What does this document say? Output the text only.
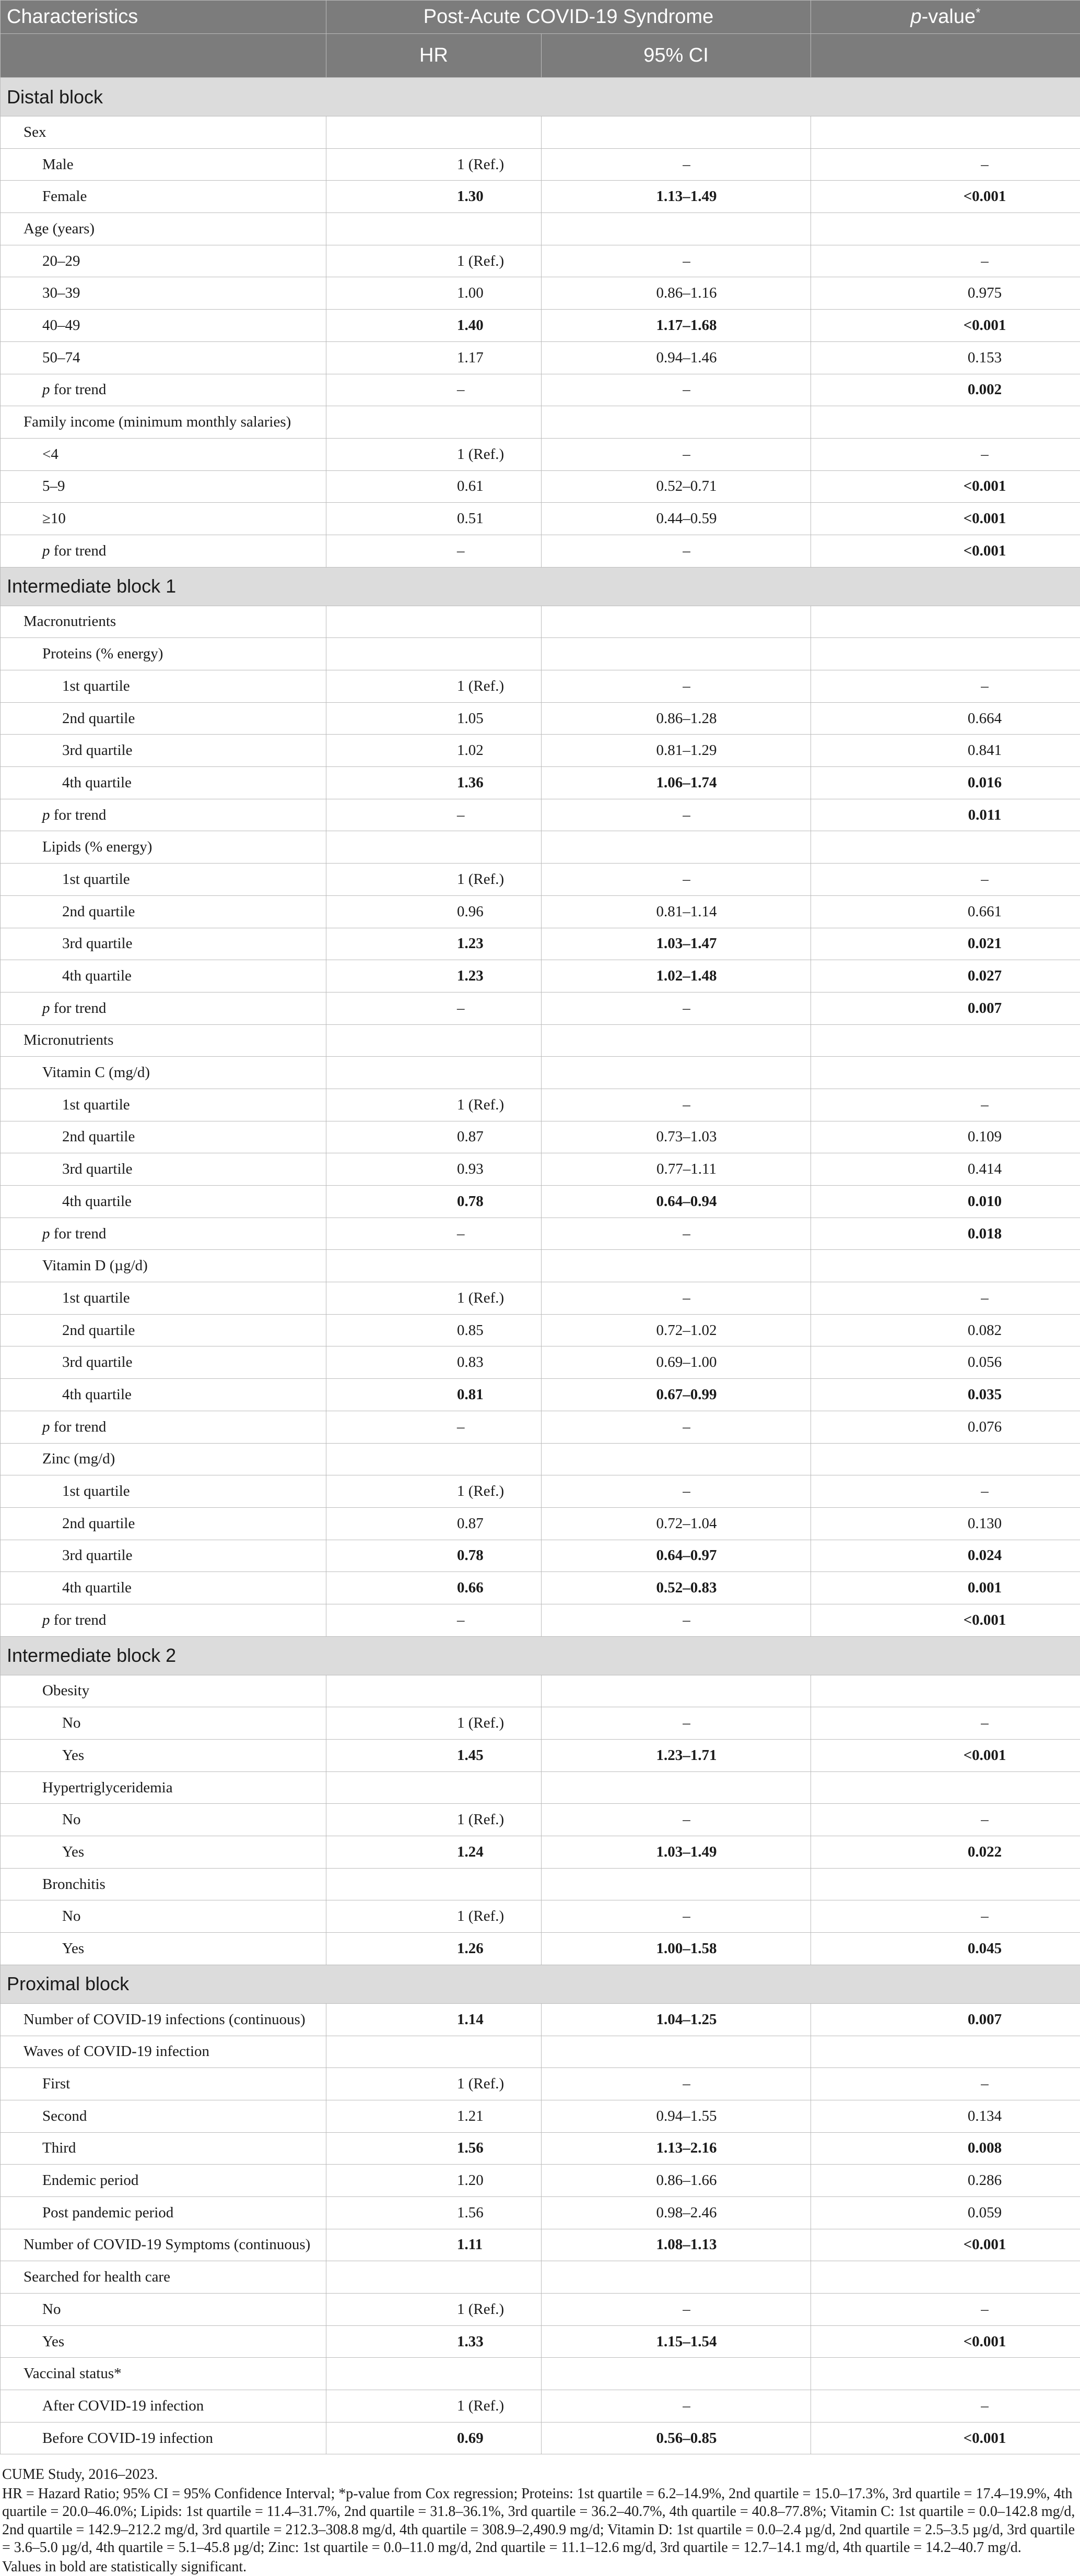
Characteristics	Post-Acute COVID-19 Syndrome		p-value*
	HR	95% CI	
Distal block			
Sex			
Male	1 (Ref.)	–	–
Female	1.30	1.13–1.49	<0.001
Age (years)			
20–29	1 (Ref.)	–	–
30–39	1.00	0.86–1.16	0.975
40–49	1.40	1.17–1.68	<0.001
50–74	1.17	0.94–1.46	0.153
p for trend	–	–	0.002
Family income (minimum monthly salaries)			
<4	1 (Ref.)	–	–
5–9	0.61	0.52–0.71	<0.001
≥10	0.51	0.44–0.59	<0.001
p for trend	–	–	<0.001
Intermediate block 1			
Macronutrients			
Proteins (% energy)			
1st quartile	1 (Ref.)	–	–
2nd quartile	1.05	0.86–1.28	0.664
3rd quartile	1.02	0.81–1.29	0.841
4th quartile	1.36	1.06–1.74	0.016
p for trend	–	–	0.011
Lipids (% energy)			
1st quartile	1 (Ref.)	–	–
2nd quartile	0.96	0.81–1.14	0.661
3rd quartile	1.23	1.03–1.47	0.021
4th quartile	1.23	1.02–1.48	0.027
p for trend	–	–	0.007
Micronutrients			
Vitamin C (mg/d)			
1st quartile	1 (Ref.)	–	–
2nd quartile	0.87	0.73–1.03	0.109
3rd quartile	0.93	0.77–1.11	0.414
4th quartile	0.78	0.64–0.94	0.010
p for trend	–	–	0.018
Vitamin D (µg/d)			
1st quartile	1 (Ref.)	–	–
2nd quartile	0.85	0.72–1.02	0.082
3rd quartile	0.83	0.69–1.00	0.056
4th quartile	0.81	0.67–0.99	0.035
p for trend	–	–	0.076
Zinc (mg/d)			
1st quartile	1 (Ref.)	–	–
2nd quartile	0.87	0.72–1.04	0.130
3rd quartile	0.78	0.64–0.97	0.024
4th quartile	0.66	0.52–0.83	0.001
p for trend	–	–	<0.001
Intermediate block 2			
Obesity			
No	1 (Ref.)	–	–
Yes	1.45	1.23–1.71	<0.001
Hypertriglyceridemia			
No	1 (Ref.)	–	–
Yes	1.24	1.03–1.49	0.022
Bronchitis			
No	1 (Ref.)	–	–
Yes	1.26	1.00–1.58	0.045
Proximal block			
Number of COVID-19 infections (continuous)	1.14	1.04–1.25	0.007
Waves of COVID-19 infection			
First	1 (Ref.)	–	–
Second	1.21	0.94–1.55	0.134
Third	1.56	1.13–2.16	0.008
Endemic period	1.20	0.86–1.66	0.286
Post pandemic period	1.56	0.98–2.46	0.059
Number of COVID-19 Symptoms (continuous)	1.11	1.08–1.13	<0.001
Searched for health care			
No	1 (Ref.)	–	–
Yes	1.33	1.15–1.54	<0.001
Vaccinal status*			
After COVID-19 infection	1 (Ref.)	–	–
Before COVID-19 infection	0.69	0.56–0.85	<0.001

CUME Study, 2016–2023.

HR = Hazard Ratio; 95% CI = 95% Confidence Interval; *p-value from Cox regression; Proteins: 1st quartile = 6.2–14.9%, 2nd quartile = 15.0–17.3%, 3rd quartile = 17.4–19.9%, 4th quartile = 20.0–46.0%; Lipids: 1st quartile = 11.4–31.7%, 2nd quartile = 31.8–36.1%, 3rd quartile = 36.2–40.7%, 4th quartile = 40.8–77.8%; Vitamin C: 1st quartile = 0.0–142.8 mg/d, 2nd quartile = 142.9–212.2 mg/d, 3rd quartile = 212.3–308.8 mg/d, 4th quartile = 308.9–2,490.9 mg/d; Vitamin D: 1st quartile = 0.0–2.4 µg/d, 2nd quartile = 2.5–3.5 µg/d, 3rd quartile = 3.6–5.0 µg/d, 4th quartile = 5.1–45.8 µg/d; Zinc: 1st quartile = 0.0–11.0 mg/d, 2nd quartile = 11.1–12.6 mg/d, 3rd quartile = 12.7–14.1 mg/d, 4th quartile = 14.2–40.7 mg/d.

Values in bold are statistically significant.
